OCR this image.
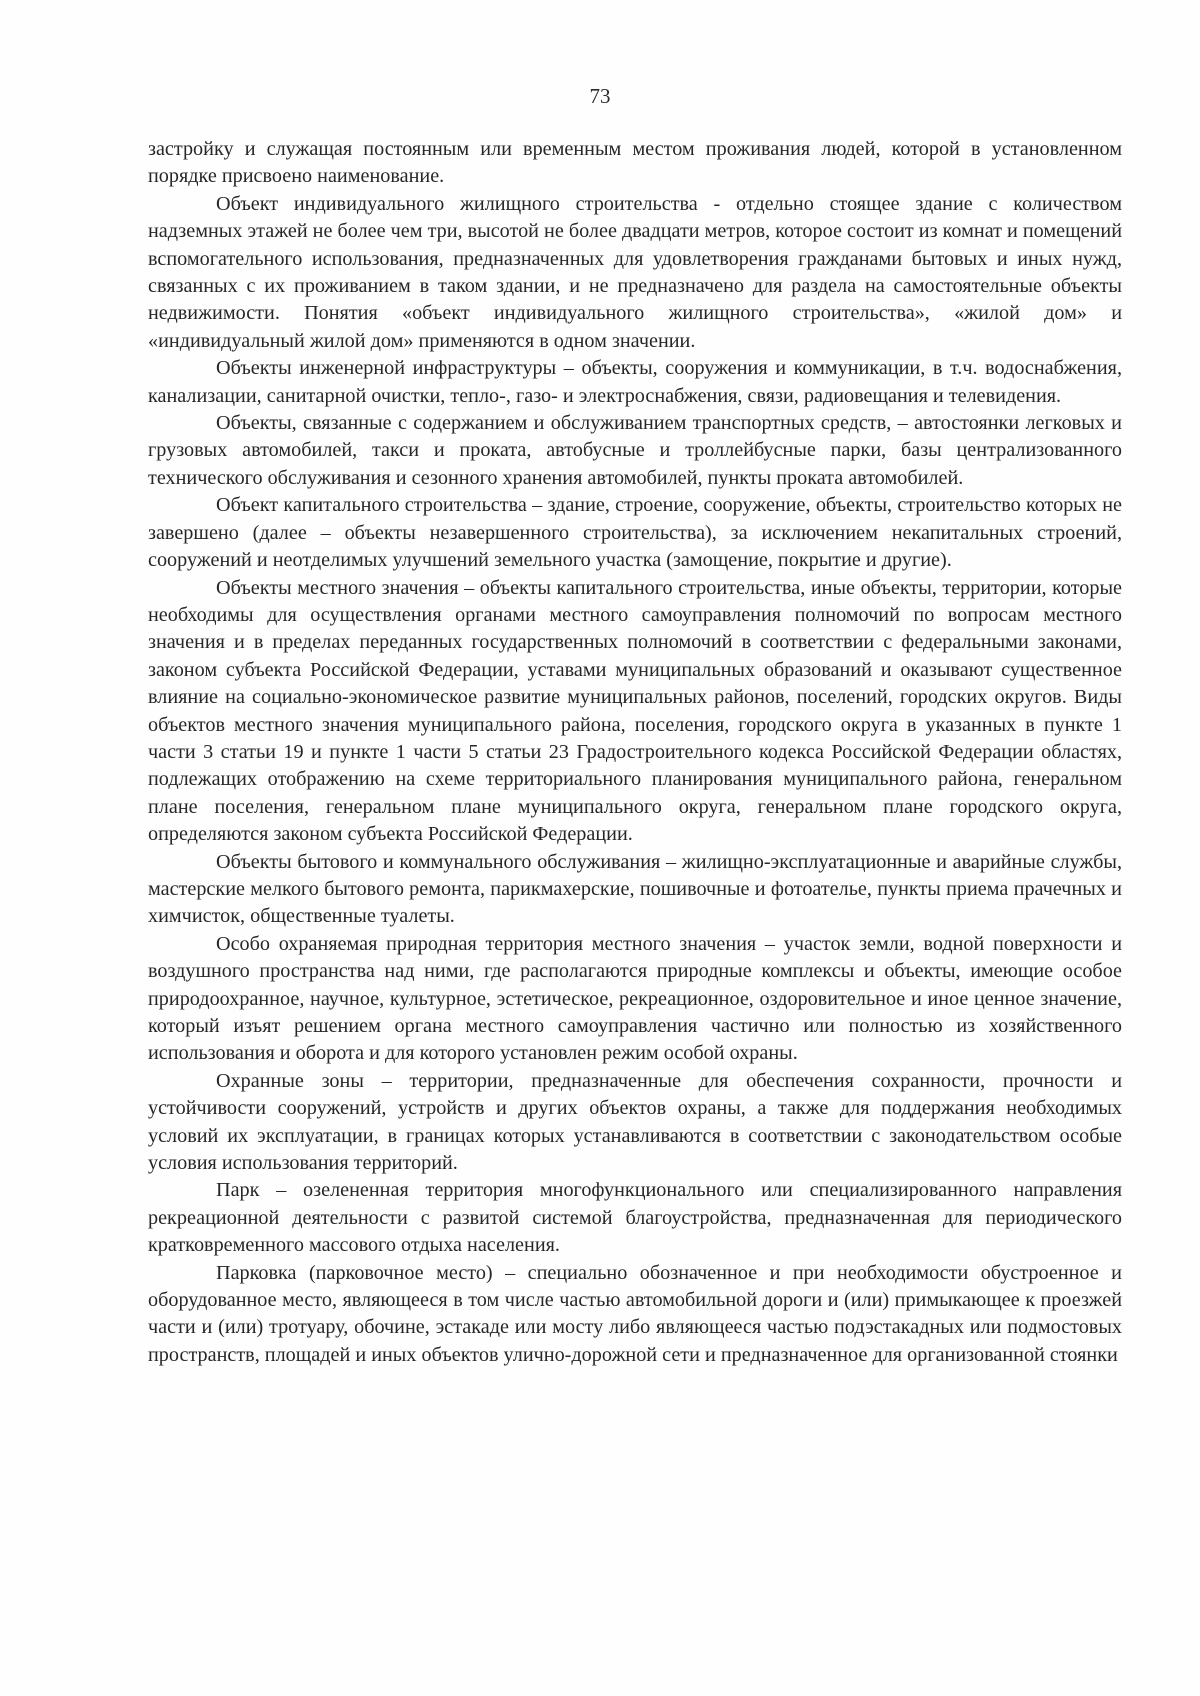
73

застройку и служащая постоянным или временным местом проживания людей, которой в установленном порядке присвоено наименование.

Объект индивидуального жилищного строительства - отдельно стоящее здание с количеством надземных этажей не более чем три, высотой не более двадцати метров, которое состоит из комнат и помещений вспомогательного использования, предназначенных для удовлетворения гражданами бытовых и иных нужд, связанных с их проживанием в таком здании, и не предназначено для раздела на самостоятельные объекты недвижимости. Понятия «объект индивидуального жилищного строительства», «жилой дом» и «индивидуальный жилой дом» применяются в одном значении.

Объекты инженерной инфраструктуры – объекты, сооружения и коммуникации, в т.ч. водоснабжения, канализации, санитарной очистки, тепло-, газо- и электроснабжения, связи, радиовещания и телевидения.

Объекты, связанные с содержанием и обслуживанием транспортных средств, – автостоянки легковых и грузовых автомобилей, такси и проката, автобусные и троллейбусные парки, базы централизованного технического обслуживания и сезонного хранения автомобилей, пункты проката автомобилей.

Объект капитального строительства – здание, строение, сооружение, объекты, строительство которых не завершено (далее – объекты незавершенного строительства), за исключением некапитальных строений, сооружений и неотделимых улучшений земельного участка (замощение, покрытие и другие).

Объекты местного значения – объекты капитального строительства, иные объекты, территории, которые необходимы для осуществления органами местного самоуправления полномочий по вопросам местного значения и в пределах переданных государственных полномочий в соответствии с федеральными законами, законом субъекта Российской Федерации, уставами муниципальных образований и оказывают существенное влияние на социально-экономическое развитие муниципальных районов, поселений, городских округов. Виды объектов местного значения муниципального района, поселения, городского округа в указанных в пункте 1 части 3 статьи 19 и пункте 1 части 5 статьи 23 Градостроительного кодекса Российской Федерации областях, подлежащих отображению на схеме территориального планирования муниципального района, генеральном плане поселения, генеральном плане муниципального округа, генеральном плане городского округа, определяются законом субъекта Российской Федерации.

Объекты бытового и коммунального обслуживания – жилищно-эксплуатационные и аварийные службы, мастерские мелкого бытового ремонта, парикмахерские, пошивочные и фотоателье, пункты приема прачечных и химчисток, общественные туалеты.

Особо охраняемая природная территория местного значения – участок земли, водной поверхности и воздушного пространства над ними, где располагаются природные комплексы и объекты, имеющие особое природоохранное, научное, культурное, эстетическое, рекреационное, оздоровительное и иное ценное значение, который изъят решением органа местного самоуправления частично или полностью из хозяйственного использования и оборота и для которого установлен режим особой охраны.

Охранные зоны – территории, предназначенные для обеспечения сохранности, прочности и устойчивости сооружений, устройств и других объектов охраны, а также для поддержания необходимых условий их эксплуатации, в границах которых устанавливаются в соответствии с законодательством особые условия использования территорий.

Парк – озелененная территория многофункционального или специализированного направления рекреационной деятельности с развитой системой благоустройства, предназначенная для периодического кратковременного массового отдыха населения.

Парковка (парковочное место) – специально обозначенное и при необходимости обустроенное и оборудованное место, являющееся в том числе частью автомобильной дороги и (или) примыкающее к проезжей части и (или) тротуару, обочине, эстакаде или мосту либо являющееся частью подэстакадных или подмостовых пространств, площадей и иных объектов улично-дорожной сети и предназначенное для организованной стоянки
